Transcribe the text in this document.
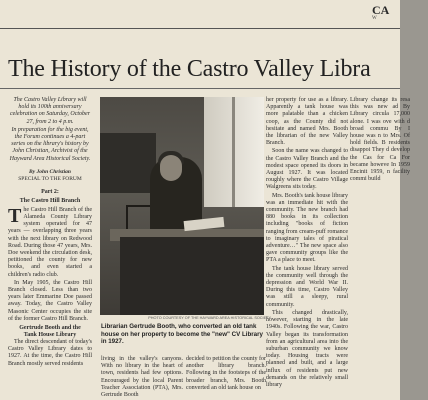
CA
W
The History of the Castro Valley Libra

The Castro Valley Library will hold its 100th anniversary celebration on Saturday, October 27, from 2 to 4 p.m.

In preparation for the big event, the Forum continues a 4-part series on the library's history by John Christian, Archivist of the Hayward Area Historical Society.

By John Christian
SPECIAL TO THE FORUM
Part 2:
The Castro Hill Branch

The Castro Hill Branch of the Alameda County Library system operated for 47 years — overlapping three years with the next library on Redwood Road. During those 47 years, Mrs. Doe weekend the circulation desk, petitioned the county for new books, and even started a children's radio club.

In May 1905, the Castro Hill Branch closed. Less than two years later Emmarine Doe passed away. Today, the Castro Valley Masonic Center occupies the site of the former Castro Hill Branch.

Gertrude Booth and the
Tank House Library

The direct descendant of today's Castro Valley Library dates to 1927. At the time, the Castro Hill Branch mostly served residents

PHOTO COURTESY OF THE HAYWARD AREA HISTORICAL SOCIETY
Librarian Gertrude Booth, who converted an old tank house on her property to become the "new" CV Library in 1927.
living in the valley's canyons. With no library in the heart of town, residents had few options. Encouraged by the local Parent Teacher Association (PTA), Mrs. Gertrude Booth
decided to petition the county for another library branch. Following in the footsteps of the broader branch, Mrs. Booth converted an old tank house on

her property for use as a library. Apparently a tank house was more palatable than a chicken coop, as the County did not hesitate and named Mrs. Booth the librarian of the new Valley Branch.

Soon the name was changed to the Castro Valley Branch and the modest space opened its doors in August 1927. It was located roughly where the Castro Village Walgreens sits today.

Mrs. Booth's tank house library was an immediate hit with the community. The new branch had 880 books in its collection including "books of fiction ranging from cream-puff romance to imaginary tales of piratical adventure…" The new space also gave community groups like the PTA a place to meet.

The tank house library served the community well through the depression and World War II. During this time, Castro Valley was still a sleepy, rural community.

This changed drastically, however, starting in the late 1940s. Following the war, Castro Valley began its transformation from an agricultural area into the suburban community we know today. Housing tracts were planned and built, and a large influx of residents put new demands on the relatively small library

Library change its resa this was new ad By Library circula 17,000 alone. I was ove with d broad commu By I house was n to Mrs. Of hold fields. B residents disappoi They d develop the Cas for Ca For became howeve In 1959 Encinit 1959, n facility commi build
